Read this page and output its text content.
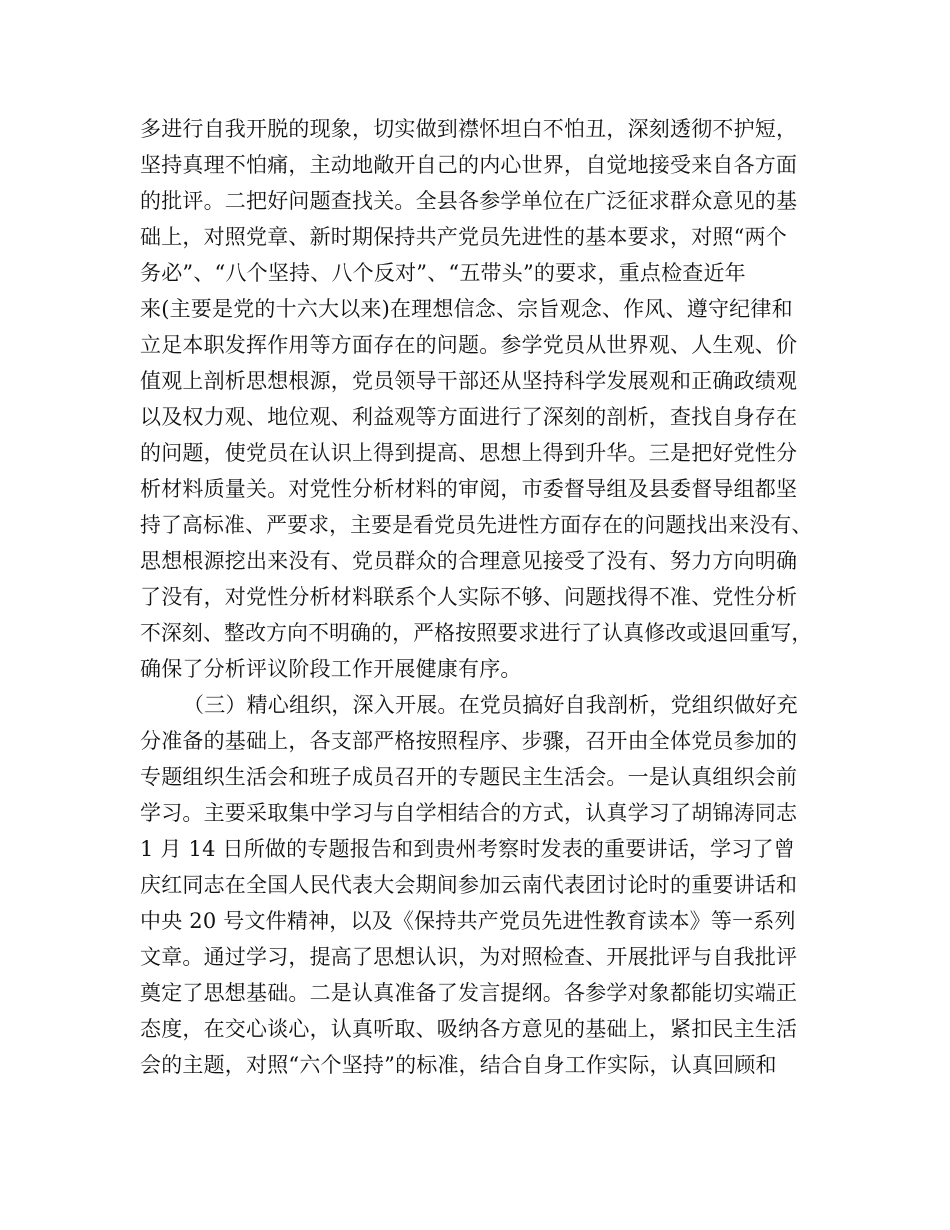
多进行自我开脱的现象，切实做到襟怀坦白不怕丑，深刻透彻不护短，
坚持真理不怕痛，主动地敞开自己的内心世界，自觉地接受来自各方面
的批评。二把好问题查找关。全县各参学单位在广泛征求群众意见的基
础上，对照党章、新时期保持共产党员先进性的基本要求，对照“两个
务必”、“八个坚持、八个反对”、“五带头”的要求，重点检查近年
来(主要是党的十六大以来)在理想信念、宗旨观念、作风、遵守纪律和
立足本职发挥作用等方面存在的问题。参学党员从世界观、人生观、价
值观上剖析思想根源，党员领导干部还从坚持科学发展观和正确政绩观
以及权力观、地位观、利益观等方面进行了深刻的剖析，查找自身存在
的问题，使党员在认识上得到提高、思想上得到升华。三是把好党性分
析材料质量关。对党性分析材料的审阅，市委督导组及县委督导组都坚
持了高标准、严要求，主要是看党员先进性方面存在的问题找出来没有、
思想根源挖出来没有、党员群众的合理意见接受了没有、努力方向明确
了没有，对党性分析材料联系个人实际不够、问题找得不准、党性分析
不深刻、整改方向不明确的，严格按照要求进行了认真修改或退回重写，
确保了分析评议阶段工作开展健康有序。
（三）精心组织，深入开展。在党员搞好自我剖析，党组织做好充
分准备的基础上，各支部严格按照程序、步骤，召开由全体党员参加的
专题组织生活会和班子成员召开的专题民主生活会。一是认真组织会前
学习。主要采取集中学习与自学相结合的方式，认真学习了胡锦涛同志
1 月 14 日所做的专题报告和到贵州考察时发表的重要讲话，学习了曾
庆红同志在全国人民代表大会期间参加云南代表团讨论时的重要讲话和
中央 20 号文件精神，以及《保持共产党员先进性教育读本》等一系列
文章。通过学习，提高了思想认识，为对照检查、开展批评与自我批评
奠定了思想基础。二是认真准备了发言提纲。各参学对象都能切实端正
态度，在交心谈心，认真听取、吸纳各方意见的基础上，紧扣民主生活
会的主题，对照“六个坚持”的标准，结合自身工作实际，认真回顾和
